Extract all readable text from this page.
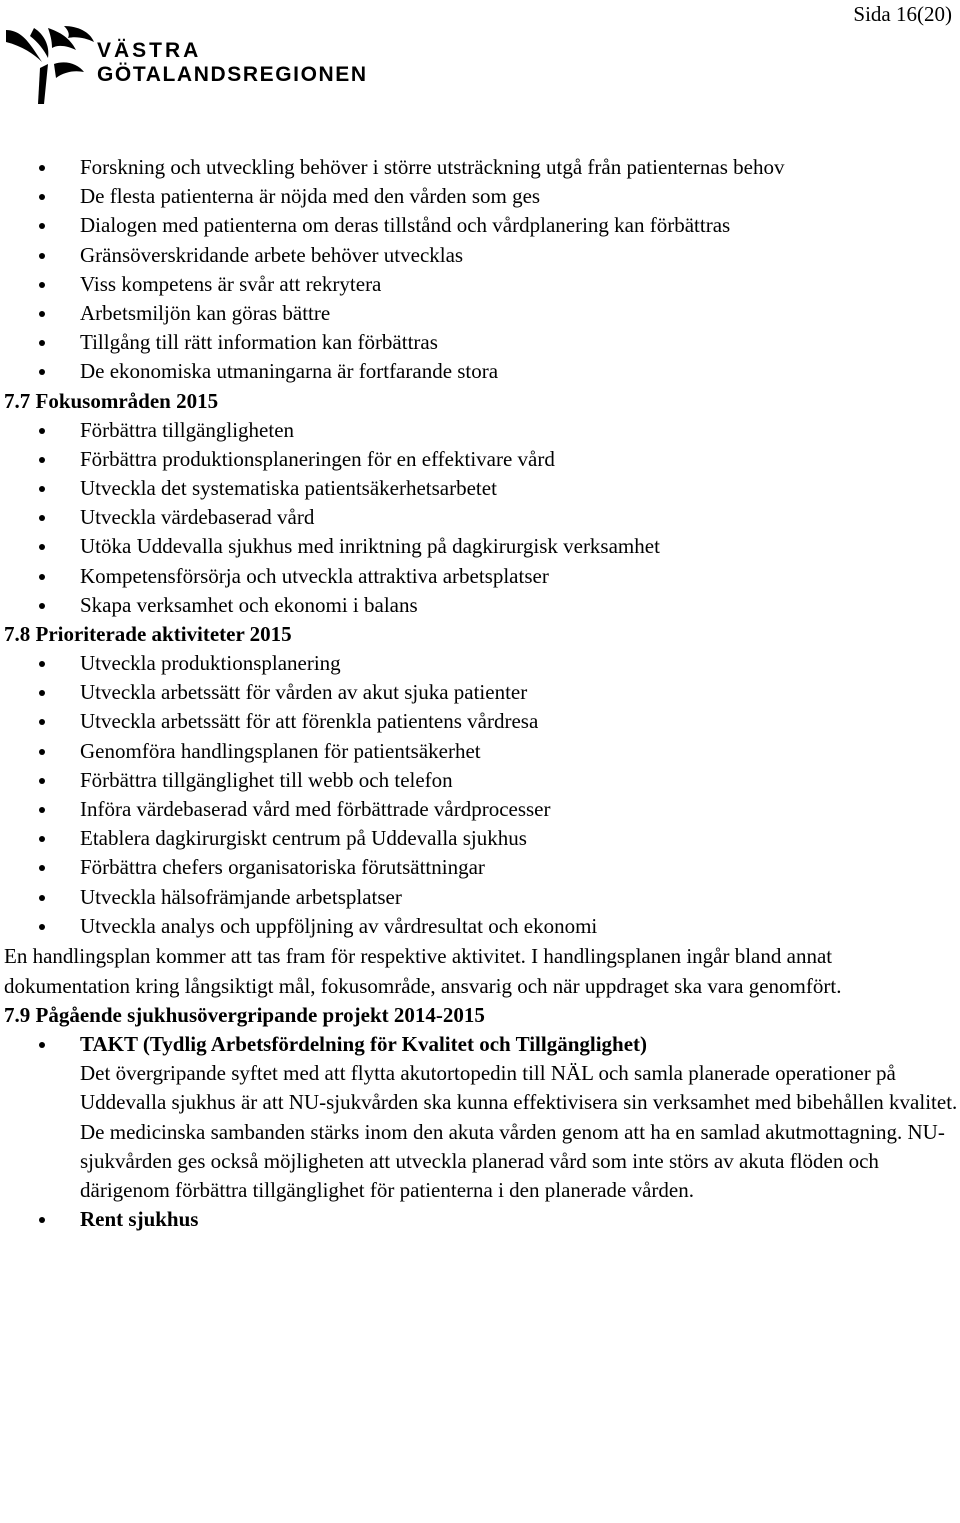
Sida 16(20)
VÄSTRA
GÖTALANDSREGIONEN
Forskning och utveckling behöver i större utsträckning utgå från patienternas behov
De flesta patienterna är nöjda med den vården som ges
Dialogen med patienterna om deras tillstånd och vårdplanering kan förbättras
Gränsöverskridande arbete behöver utvecklas
Viss kompetens är svår att rekrytera
Arbetsmiljön kan göras bättre
Tillgång till rätt information kan förbättras
De ekonomiska utmaningarna är fortfarande stora
7.7 Fokusområden 2015
Förbättra tillgängligheten
Förbättra produktionsplaneringen för en effektivare vård
Utveckla det systematiska patientsäkerhetsarbetet
Utveckla värdebaserad vård
Utöka Uddevalla sjukhus med inriktning på dagkirurgisk verksamhet
Kompetensförsörja och utveckla attraktiva arbetsplatser
Skapa verksamhet och ekonomi i balans
7.8 Prioriterade aktiviteter 2015
Utveckla produktionsplanering
Utveckla arbetssätt för vården av akut sjuka patienter
Utveckla arbetssätt för att förenkla patientens vårdresa
Genomföra handlingsplanen för patientsäkerhet
Förbättra tillgänglighet till webb och telefon
Införa värdebaserad vård med förbättrade vårdprocesser
Etablera dagkirurgiskt centrum på Uddevalla sjukhus
Förbättra chefers organisatoriska förutsättningar
Utveckla hälsofrämjande arbetsplatser
Utveckla analys och uppföljning av vårdresultat och ekonomi

En handlingsplan kommer att tas fram för respektive aktivitet. I handlingsplanen ingår bland annat dokumentation kring långsiktigt mål, fokusområde, ansvarig och när uppdraget ska vara genomfört.

7.9 Pågående sjukhusövergripande projekt 2014-2015
TAKT (Tydlig Arbetsfördelning för Kvalitet och Tillgänglighet)
Det övergripande syftet med att flytta akutortopedin till NÄL och samla planerade operationer på Uddevalla sjukhus är att NU-sjukvården ska kunna effektivisera sin verksamhet med bibehållen kvalitet.
De medicinska sambanden stärks inom den akuta vården genom att ha en samlad akutmottagning. NU-sjukvården ges också möjligheten att utveckla planerad vård som inte störs av akuta flöden och därigenom förbättra tillgänglighet för patienterna i den planerade vården.
Rent sjukhus
